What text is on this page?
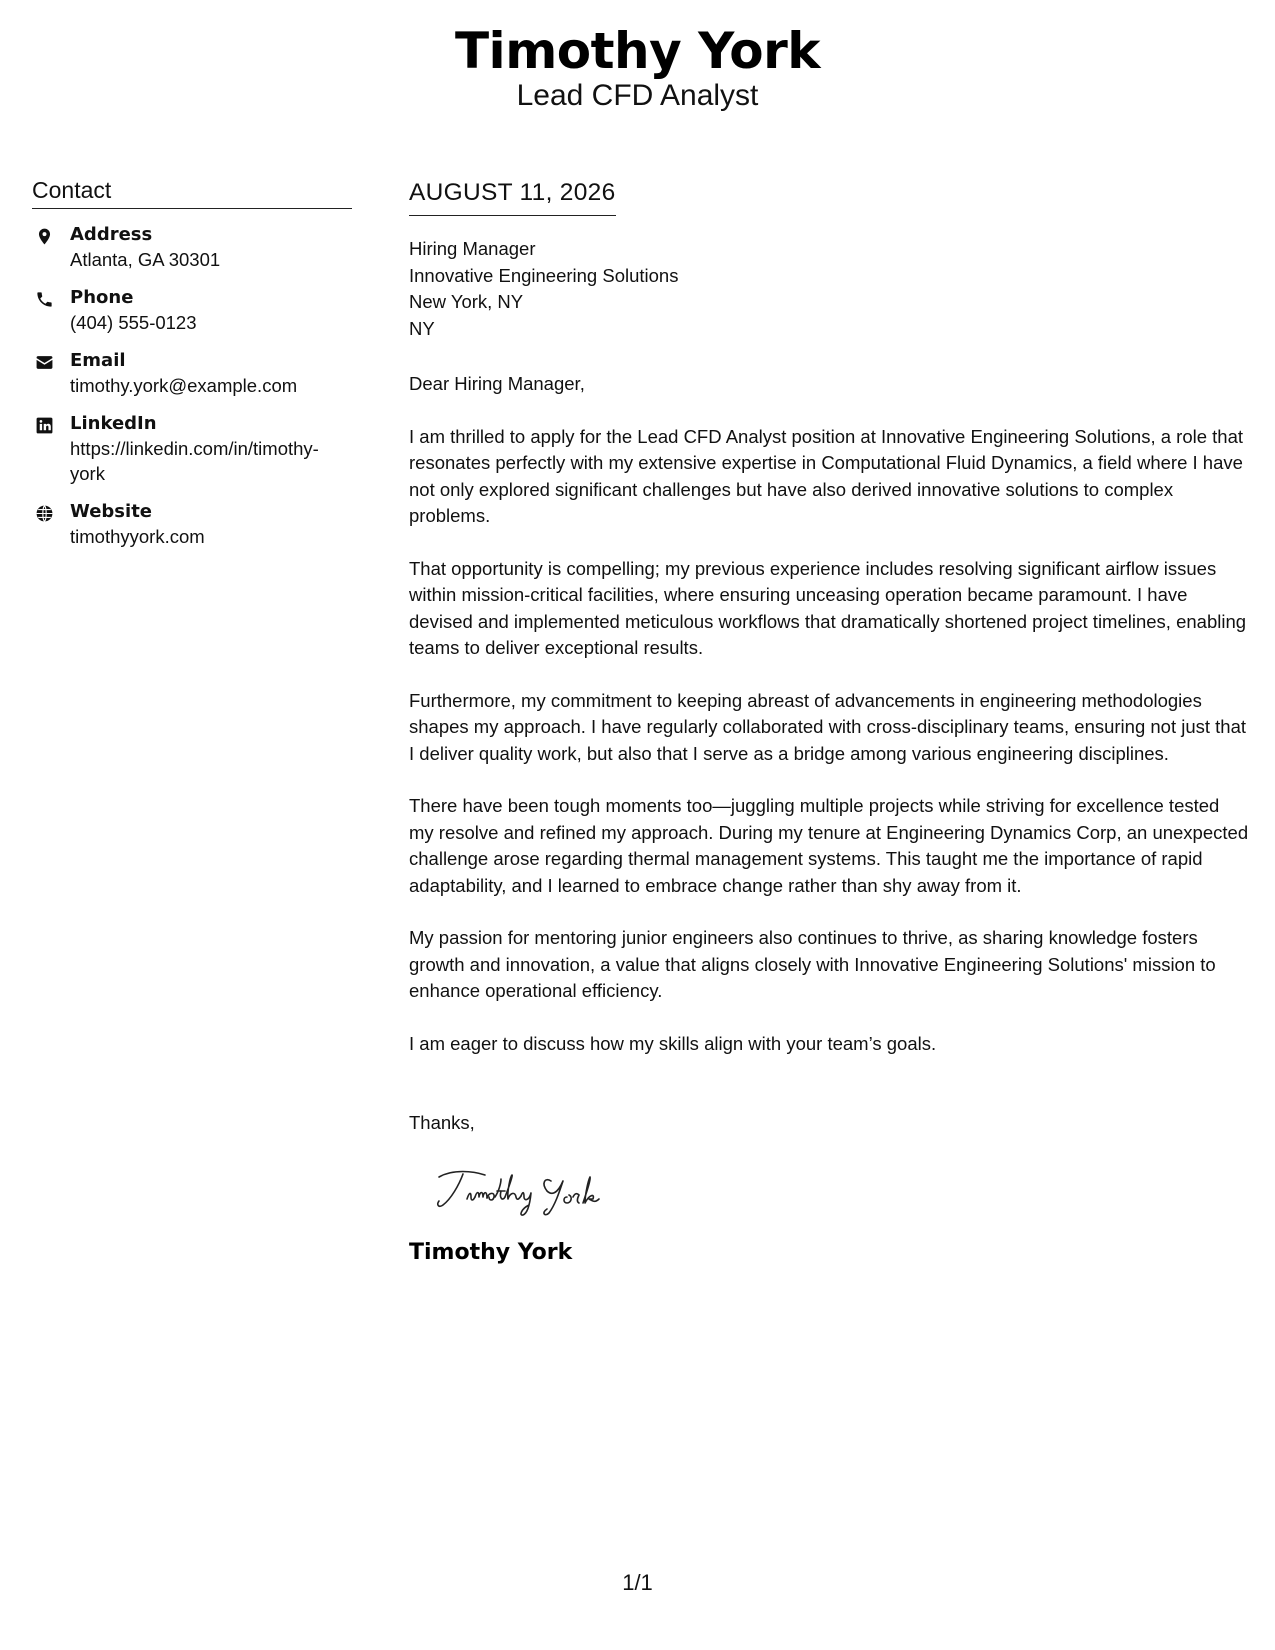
Timothy York
Lead CFD Analyst
Contact
Address
Atlanta, GA 30301
Phone
(404) 555-0123
Email
timothy.york@example.com
LinkedIn
https://linkedin.com/in/timothy-york
Website
timothyyork.com
AUGUST 11, 2026
Hiring Manager
Innovative Engineering Solutions
New York, NY
NY
Dear Hiring Manager,
I am thrilled to apply for the Lead CFD Analyst position at Innovative Engineering Solutions, a role that resonates perfectly with my extensive expertise in Computational Fluid Dynamics, a field where I have not only explored significant challenges but have also derived innovative solutions to complex problems.
That opportunity is compelling; my previous experience includes resolving significant airflow issues within mission-critical facilities, where ensuring unceasing operation became paramount. I have devised and implemented meticulous workflows that dramatically shortened project timelines, enabling teams to deliver exceptional results.
Furthermore, my commitment to keeping abreast of advancements in engineering methodologies shapes my approach. I have regularly collaborated with cross-disciplinary teams, ensuring not just that I deliver quality work, but also that I serve as a bridge among various engineering disciplines.
There have been tough moments too—juggling multiple projects while striving for excellence tested my resolve and refined my approach. During my tenure at Engineering Dynamics Corp, an unexpected challenge arose regarding thermal management systems. This taught me the importance of rapid adaptability, and I learned to embrace change rather than shy away from it.
My passion for mentoring junior engineers also continues to thrive, as sharing knowledge fosters growth and innovation, a value that aligns closely with Innovative Engineering Solutions' mission to enhance operational efficiency.
I am eager to discuss how my skills align with your team’s goals.
Thanks,
Timothy York
1/1
